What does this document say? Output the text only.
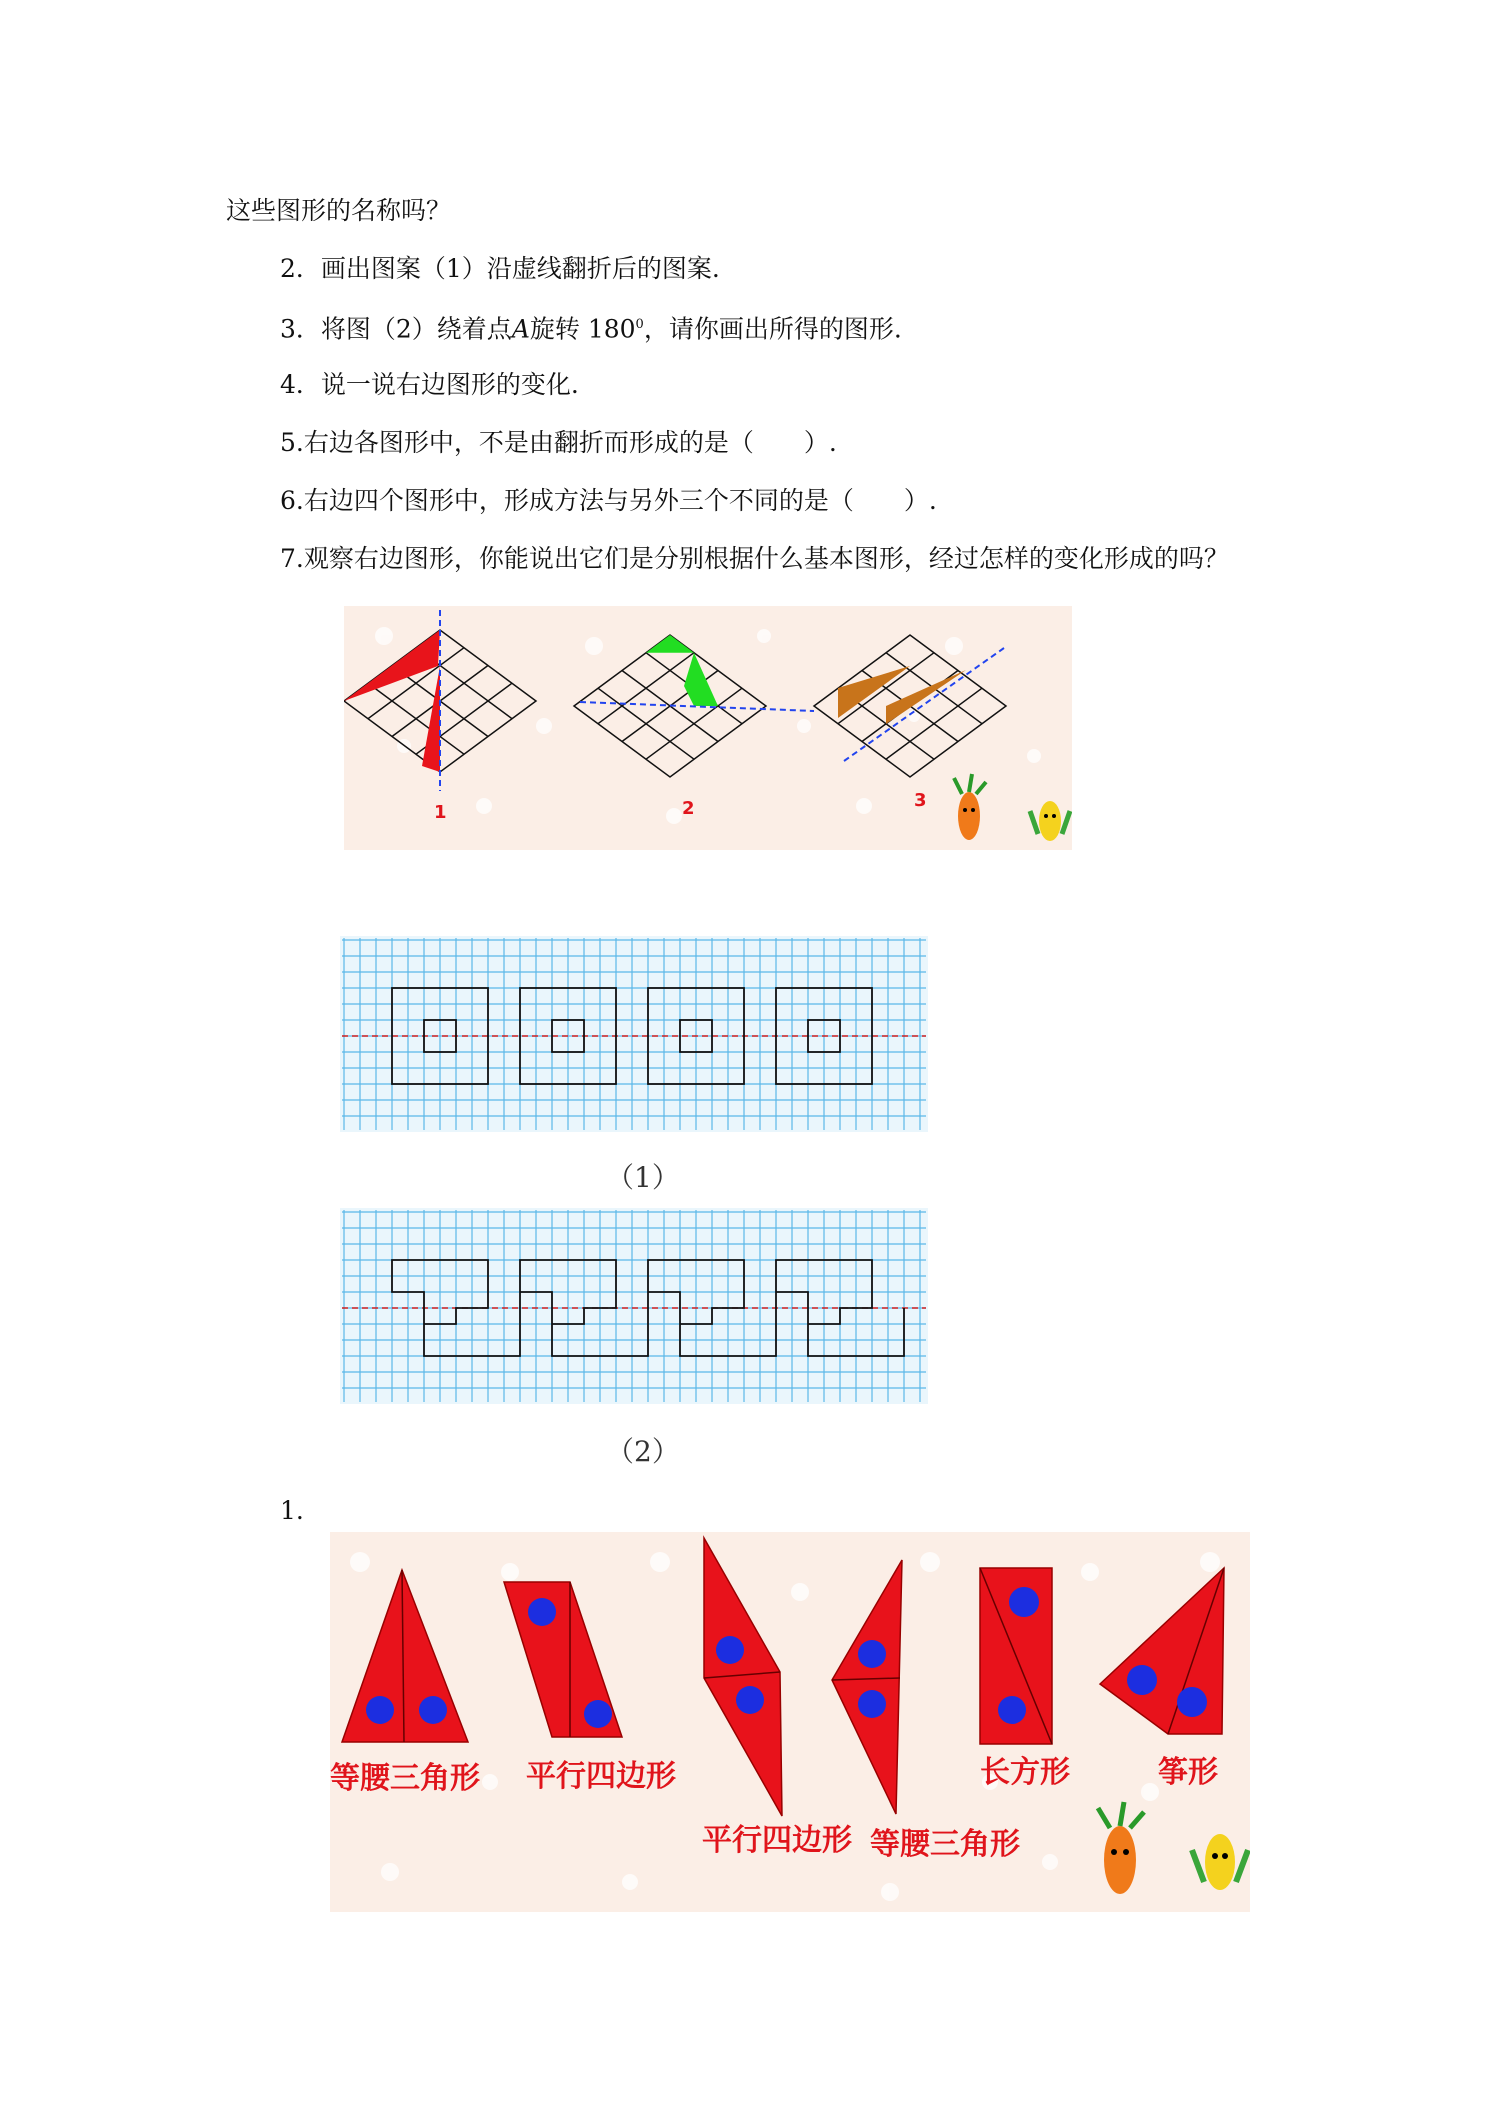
这些图形的名称吗？
2．画出图案（1）沿虚线翻折后的图案.
3．将图（2）绕着点A旋转 $180^0$，请你画出所得的图形.
4．说一说右边图形的变化.
5.右边各图形中，不是由翻折而形成的是（　　）.
6.右边四个图形中，形成方法与另外三个不同的是（　　）.
7.观察右边图形，你能说出它们是分别根据什么基本图形，经过怎样的变化形成的吗？
1	2	3
（1）
（2）
1.
等腰三角形 平行四边形
平行四边形 等腰三角形
长方形	筝形
